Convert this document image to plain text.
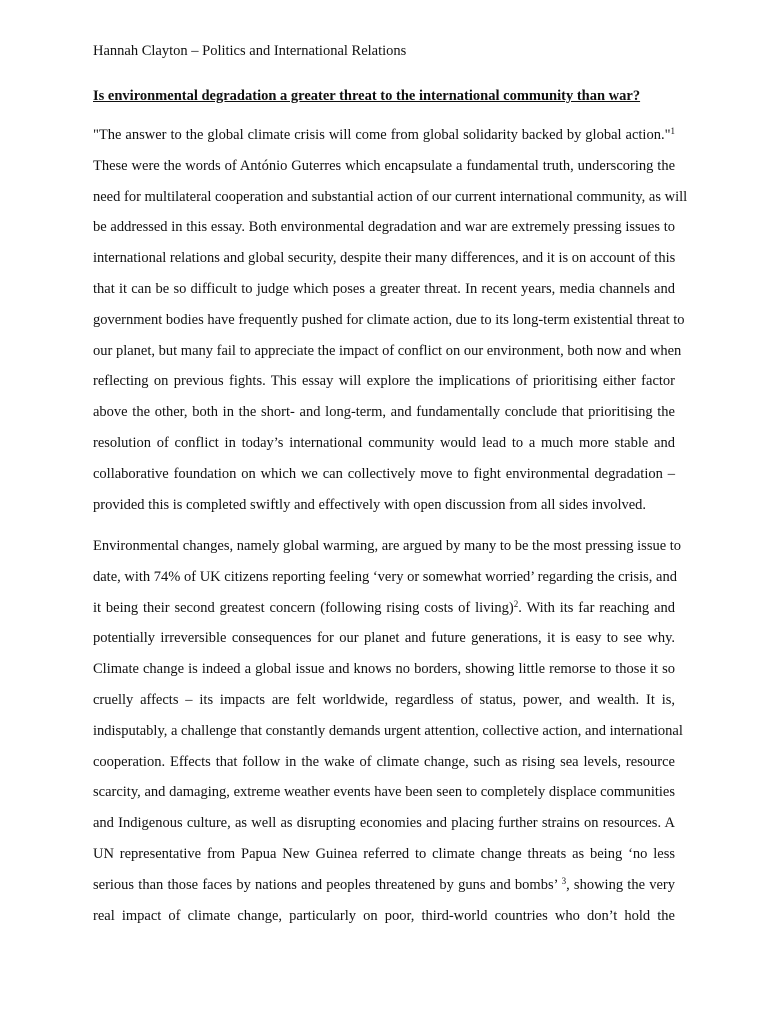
Hannah Clayton – Politics and International Relations
Is environmental degradation a greater threat to the international community than war?
"The answer to the global climate crisis will come from global solidarity backed by global action."$^1$
These were the words of António Guterres which encapsulate a fundamental truth, underscoring the
need for multilateral cooperation and substantial action of our current international community, as will
be addressed in this essay. Both environmental degradation and war are extremely pressing issues to
international relations and global security, despite their many differences, and it is on account of this
that it can be so difficult to judge which poses a greater threat. In recent years, media channels and
government bodies have frequently pushed for climate action, due to its long-term existential threat to
our planet, but many fail to appreciate the impact of conflict on our environment, both now and when
reflecting on previous fights. This essay will explore the implications of prioritising either factor
above the other, both in the short- and long-term, and fundamentally conclude that prioritising the
resolution of conflict in today’s international community would lead to a much more stable and
collaborative foundation on which we can collectively move to fight environmental degradation –
provided this is completed swiftly and effectively with open discussion from all sides involved.
Environmental changes, namely global warming, are argued by many to be the most pressing issue to
date, with 74% of UK citizens reporting feeling ‘very or somewhat worried’ regarding the crisis, and
it being their second greatest concern (following rising costs of living)$^2$. With its far reaching and
potentially irreversible consequences for our planet and future generations, it is easy to see why.
Climate change is indeed a global issue and knows no borders, showing little remorse to those it so
cruelly affects – its impacts are felt worldwide, regardless of status, power, and wealth. It is,
indisputably, a challenge that constantly demands urgent attention, collective action, and international
cooperation. Effects that follow in the wake of climate change, such as rising sea levels, resource
scarcity, and damaging, extreme weather events have been seen to completely displace communities
and Indigenous culture, as well as disrupting economies and placing further strains on resources. A
UN representative from Papua New Guinea referred to climate change threats as being ‘no less
serious than those faces by nations and peoples threatened by guns and bombs’ $^3$, showing the very
real impact of climate change, particularly on poor, third-world countries who don’t hold the
